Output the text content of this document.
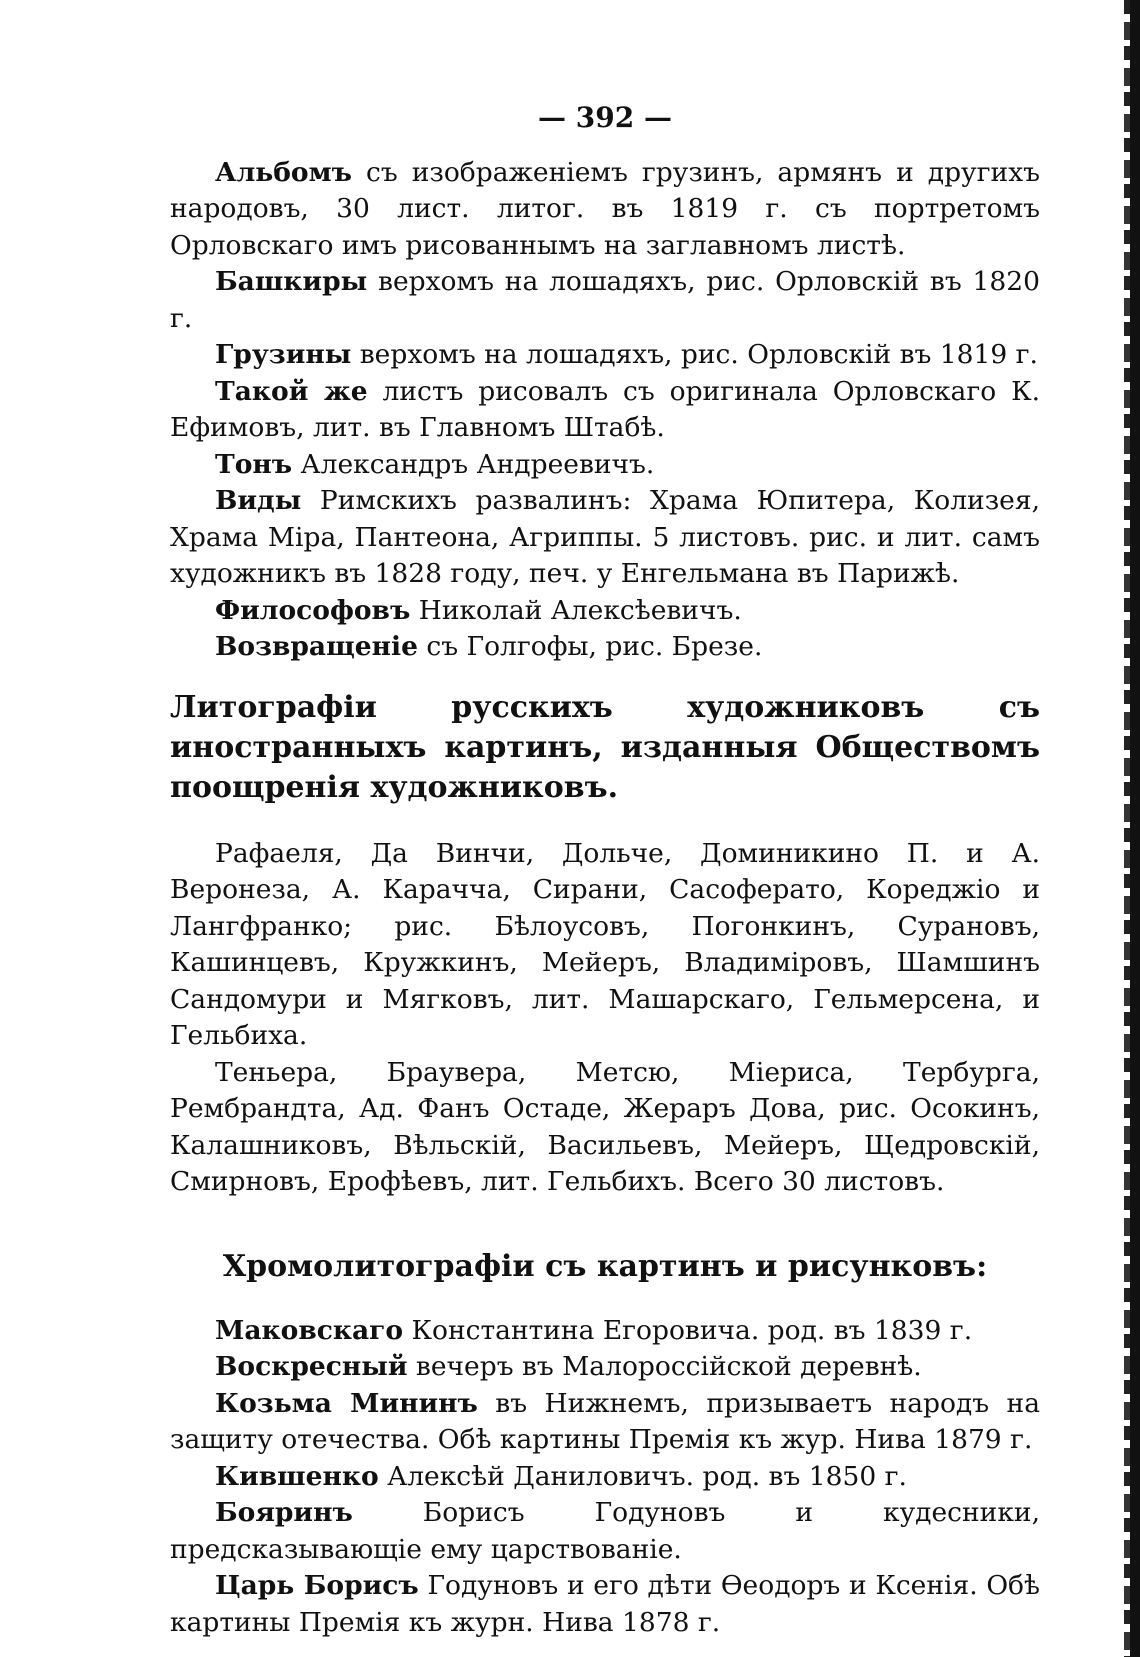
— 392 —

Альбомъ съ изображеніемъ грузинъ, армянъ и другихъ народовъ, 30 лист. литог. въ 1819 г. съ портретомъ Орловскаго имъ рисованнымъ на заглавномъ листѣ.

Башкиры верхомъ на лошадяхъ, рис. Орловскій въ 1820 г.

Грузины верхомъ на лошадяхъ, рис. Орловскій въ 1819 г.

Такой же листъ рисовалъ съ оригинала Орловскаго К. Ефимовъ, лит. въ Главномъ Штабѣ.

Тонъ Александръ Андреевичъ.

Виды Римскихъ развалинъ: Храма Юпитера, Колизея, Храма Міра, Пантеона, Агриппы. 5 листовъ. рис. и лит. самъ художникъ въ 1828 году, печ. у Енгельмана въ Парижѣ.

Философовъ Николай Алексѣевичъ.

Возвращеніе съ Голгофы, рис. Брезе.

Литографіи русскихъ художниковъ съ иностранныхъ картинъ, изданныя Обществомъ поощренія художниковъ.

Рафаеля, Да Винчи, Дольче, Доминикино П. и А. Веронеза, А. Карачча, Сирани, Сасоферато, Кореджіо и Лангфранко; рис. Бѣлоусовъ, Погонкинъ, Сурановъ, Кашинцевъ, Кружкинъ, Мейеръ, Владиміровъ, Шамшинъ Сандомури и Мягковъ, лит. Машарскаго, Гельмерсена, и Гельбиха.

Теньера, Браувера, Метсю, Міериса, Тербурга, Рембрандта, Ад. Фанъ Остаде, Жераръ Дова, рис. Осокинъ, Калашниковъ, Вѣльскій, Васильевъ, Мейеръ, Щедровскій, Смирновъ, Ерофѣевъ, лит. Гельбихъ. Всего 30 листовъ.

Хромолитографіи съ картинъ и рисунковъ:

Маковскаго Константина Егоровича. род. въ 1839 г.

Воскресный вечеръ въ Малороссійской деревнѣ.

Козьма Мининъ въ Нижнемъ, призываетъ народъ на защиту отечества. Обѣ картины Премія къ жур. Нива 1879 г.

Кившенко Алексѣй Даниловичъ. род. въ 1850 г.

Бояринъ Борисъ Годуновъ и кудесники, предсказывающіе ему царствованіе.

Царь Борисъ Годуновъ и его дѣти Өеодоръ и Ксенія. Обѣ картины Премія къ журн. Нива 1878 г.
